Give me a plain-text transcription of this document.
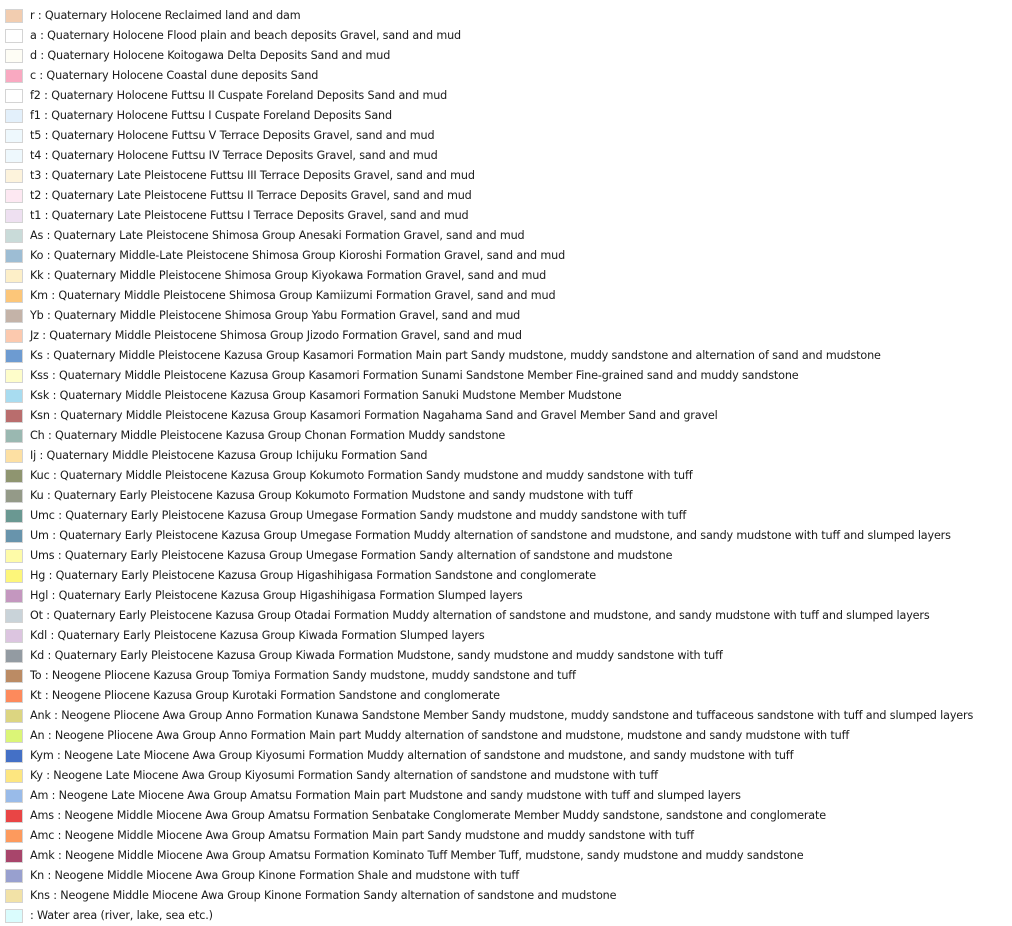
r : Quaternary Holocene Reclaimed land and dam
a : Quaternary Holocene Flood plain and beach deposits Gravel, sand and mud
d : Quaternary Holocene Koitogawa Delta Deposits Sand and mud
c : Quaternary Holocene Coastal dune deposits Sand
f2 : Quaternary Holocene Futtsu II Cuspate Foreland Deposits Sand and mud
f1 : Quaternary Holocene Futtsu I Cuspate Foreland Deposits Sand
t5 : Quaternary Holocene Futtsu V Terrace Deposits Gravel, sand and mud
t4 : Quaternary Holocene Futtsu IV Terrace Deposits Gravel, sand and mud
t3 : Quaternary Late Pleistocene Futtsu III Terrace Deposits Gravel, sand and mud
t2 : Quaternary Late Pleistocene Futtsu II Terrace Deposits Gravel, sand and mud
t1 : Quaternary Late Pleistocene Futtsu I Terrace Deposits Gravel, sand and mud
As : Quaternary Late Pleistocene Shimosa Group Anesaki Formation Gravel, sand and mud
Ko : Quaternary Middle-Late Pleistocene Shimosa Group Kioroshi Formation Gravel, sand and mud
Kk : Quaternary Middle Pleistocene Shimosa Group Kiyokawa Formation Gravel, sand and mud
Km : Quaternary Middle Pleistocene Shimosa Group Kamiizumi Formation Gravel, sand and mud
Yb : Quaternary Middle Pleistocene Shimosa Group Yabu Formation Gravel, sand and mud
Jz : Quaternary Middle Pleistocene Shimosa Group Jizodo Formation Gravel, sand and mud
Ks : Quaternary Middle Pleistocene Kazusa Group Kasamori Formation Main part Sandy mudstone, muddy sandstone and alternation of sand and mudstone
Kss : Quaternary Middle Pleistocene Kazusa Group Kasamori Formation Sunami Sandstone Member Fine-grained sand and muddy sandstone
Ksk : Quaternary Middle Pleistocene Kazusa Group Kasamori Formation Sanuki Mudstone Member Mudstone
Ksn : Quaternary Middle Pleistocene Kazusa Group Kasamori Formation Nagahama Sand and Gravel Member Sand and gravel
Ch : Quaternary Middle Pleistocene Kazusa Group Chonan Formation Muddy sandstone
Ij : Quaternary Middle Pleistocene Kazusa Group Ichijuku Formation Sand
Kuc : Quaternary Middle Pleistocene Kazusa Group Kokumoto Formation Sandy mudstone and muddy sandstone with tuff
Ku : Quaternary Early Pleistocene Kazusa Group Kokumoto Formation Mudstone and sandy mudstone with tuff
Umc : Quaternary Early Pleistocene Kazusa Group Umegase Formation Sandy mudstone and muddy sandstone with tuff
Um : Quaternary Early Pleistocene Kazusa Group Umegase Formation Muddy alternation of sandstone and mudstone, and sandy mudstone with tuff and slumped layers
Ums : Quaternary Early Pleistocene Kazusa Group Umegase Formation Sandy alternation of sandstone and mudstone
Hg : Quaternary Early Pleistocene Kazusa Group Higashihigasa Formation Sandstone and conglomerate
Hgl : Quaternary Early Pleistocene Kazusa Group Higashihigasa Formation Slumped layers
Ot : Quaternary Early Pleistocene Kazusa Group Otadai Formation Muddy alternation of sandstone and mudstone, and sandy mudstone with tuff and slumped layers
Kdl : Quaternary Early Pleistocene Kazusa Group Kiwada Formation Slumped layers
Kd : Quaternary Early Pleistocene Kazusa Group Kiwada Formation Mudstone, sandy mudstone and muddy sandstone with tuff
To : Neogene Pliocene Kazusa Group Tomiya Formation Sandy mudstone, muddy sandstone and tuff
Kt : Neogene Pliocene Kazusa Group Kurotaki Formation Sandstone and conglomerate
Ank : Neogene Pliocene Awa Group Anno Formation Kunawa Sandstone Member Sandy mudstone, muddy sandstone and tuffaceous sandstone with tuff and slumped layers
An : Neogene Pliocene Awa Group Anno Formation Main part Muddy alternation of sandstone and mudstone, mudstone and sandy mudstone with tuff
Kym : Neogene Late Miocene Awa Group Kiyosumi Formation Muddy alternation of sandstone and mudstone, and sandy mudstone with tuff
Ky : Neogene Late Miocene Awa Group Kiyosumi Formation Sandy alternation of sandstone and mudstone with tuff
Am : Neogene Late Miocene Awa Group Amatsu Formation Main part Mudstone and sandy mudstone with tuff and slumped layers
Ams : Neogene Middle Miocene Awa Group Amatsu Formation Senbatake Conglomerate Member Muddy sandstone, sandstone and conglomerate
Amc : Neogene Middle Miocene Awa Group Amatsu Formation Main part Sandy mudstone and muddy sandstone with tuff
Amk : Neogene Middle Miocene Awa Group Amatsu Formation Kominato Tuff Member Tuff, mudstone, sandy mudstone and muddy sandstone
Kn : Neogene Middle Miocene Awa Group Kinone Formation Shale and mudstone with tuff
Kns : Neogene Middle Miocene Awa Group Kinone Formation Sandy alternation of sandstone and mudstone
: Water area (river, lake, sea etc.)
